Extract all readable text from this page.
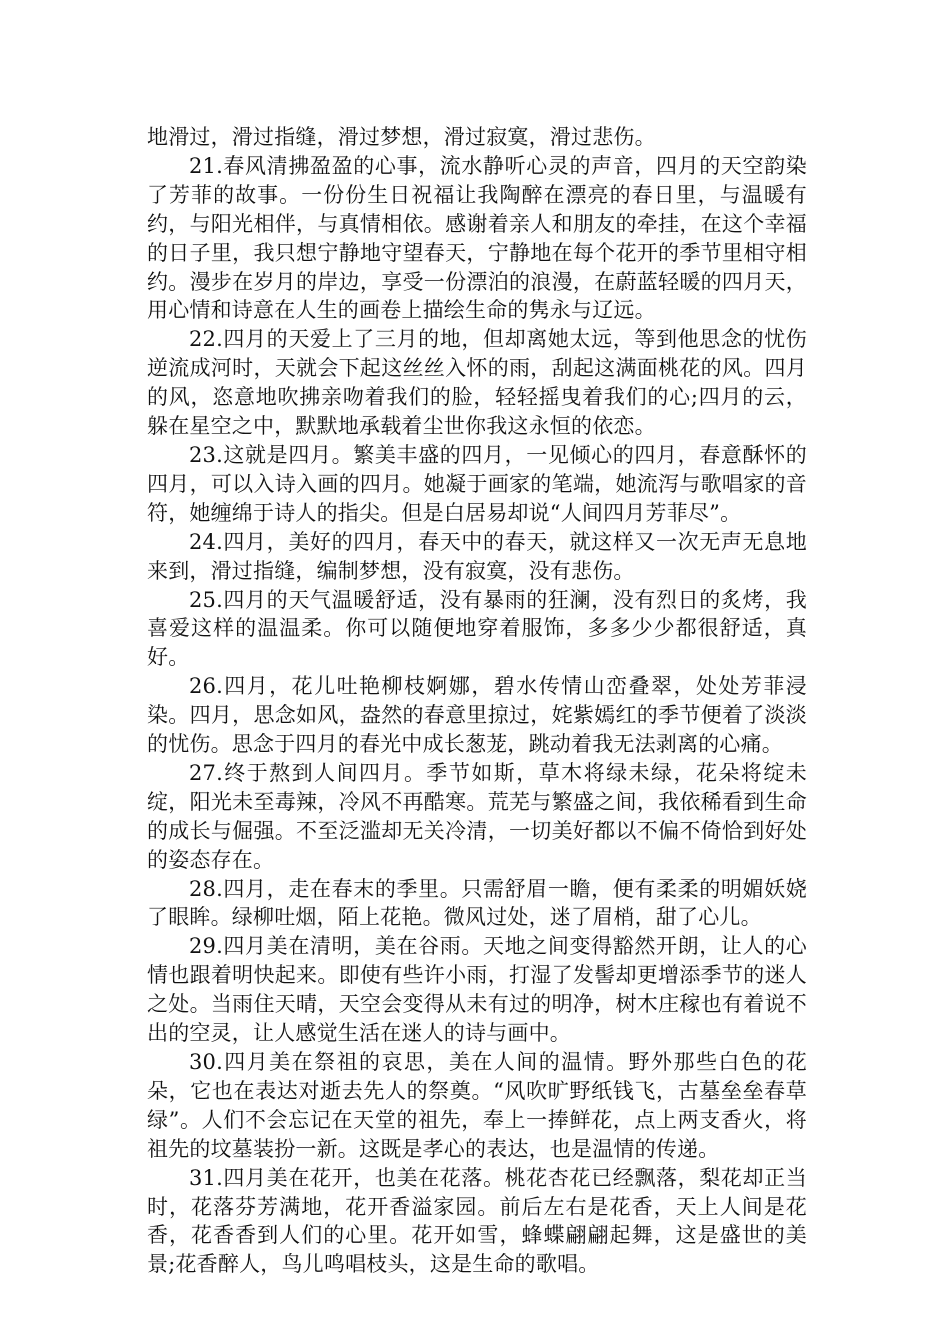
地滑过，滑过指缝，滑过梦想，滑过寂寞，滑过悲伤。

21.春风清拂盈盈的心事，流水静听心灵的声音，四月的天空韵染了芳菲的故事。一份份生日祝福让我陶醉在漂亮的春日里，与温暖有约，与阳光相伴，与真情相依。感谢着亲人和朋友的牵挂，在这个幸福的日子里，我只想宁静地守望春天，宁静地在每个花开的季节里相守相约。漫步在岁月的岸边，享受一份漂泊的浪漫，在蔚蓝轻暖的四月天，用心情和诗意在人生的画卷上描绘生命的隽永与辽远。

22.四月的天爱上了三月的地，但却离她太远，等到他思念的忧伤逆流成河时，天就会下起这丝丝入怀的雨，刮起这满面桃花的风。四月的风，恣意地吹拂亲吻着我们的脸，轻轻摇曳着我们的心;四月的云，躲在星空之中，默默地承载着尘世你我这永恒的依恋。

23.这就是四月。繁美丰盛的四月，一见倾心的四月，春意酥怀的四月，可以入诗入画的四月。她凝于画家的笔端，她流泻与歌唱家的音符，她缠绵于诗人的指尖。但是白居易却说“人间四月芳菲尽”。

24.四月，美好的四月，春天中的春天，就这样又一次无声无息地来到，滑过指缝，编制梦想，没有寂寞，没有悲伤。

25.四月的天气温暖舒适，没有暴雨的狂澜，没有烈日的炙烤，我喜爱这样的温温柔。你可以随便地穿着服饰，多多少少都很舒适，真好。

26.四月，花儿吐艳柳枝婀娜，碧水传情山峦叠翠，处处芳菲浸染。四月，思念如风，盎然的春意里掠过，姹紫嫣红的季节便着了淡淡的忧伤。思念于四月的春光中成长葱茏，跳动着我无法剥离的心痛。

27.终于熬到人间四月。季节如斯，草木将绿未绿，花朵将绽未绽，阳光未至毒辣，冷风不再酷寒。荒芜与繁盛之间，我依稀看到生命的成长与倔强。不至泛滥却无关冷清，一切美好都以不偏不倚恰到好处的姿态存在。

28.四月，走在春末的季里。只需舒眉一瞻，便有柔柔的明媚妖娆了眼眸。绿柳吐烟，陌上花艳。微风过处，迷了眉梢，甜了心儿。

29.四月美在清明，美在谷雨。天地之间变得豁然开朗，让人的心情也跟着明快起来。即使有些许小雨，打湿了发髻却更增添季节的迷人之处。当雨住天晴，天空会变得从未有过的明净，树木庄稼也有着说不出的空灵，让人感觉生活在迷人的诗与画中。

30.四月美在祭祖的哀思，美在人间的温情。野外那些白色的花朵，它也在表达对逝去先人的祭奠。“风吹旷野纸钱飞，古墓垒垒春草绿”。人们不会忘记在天堂的祖先，奉上一捧鲜花，点上两支香火，将祖先的坟墓装扮一新。这既是孝心的表达，也是温情的传递。

31.四月美在花开，也美在花落。桃花杏花已经飘落，梨花却正当时，花落芬芳满地，花开香溢家园。前后左右是花香，天上人间是花香，花香香到人们的心里。花开如雪，蜂蝶翩翩起舞，这是盛世的美景;花香醉人，鸟儿鸣唱枝头，这是生命的歌唱。
